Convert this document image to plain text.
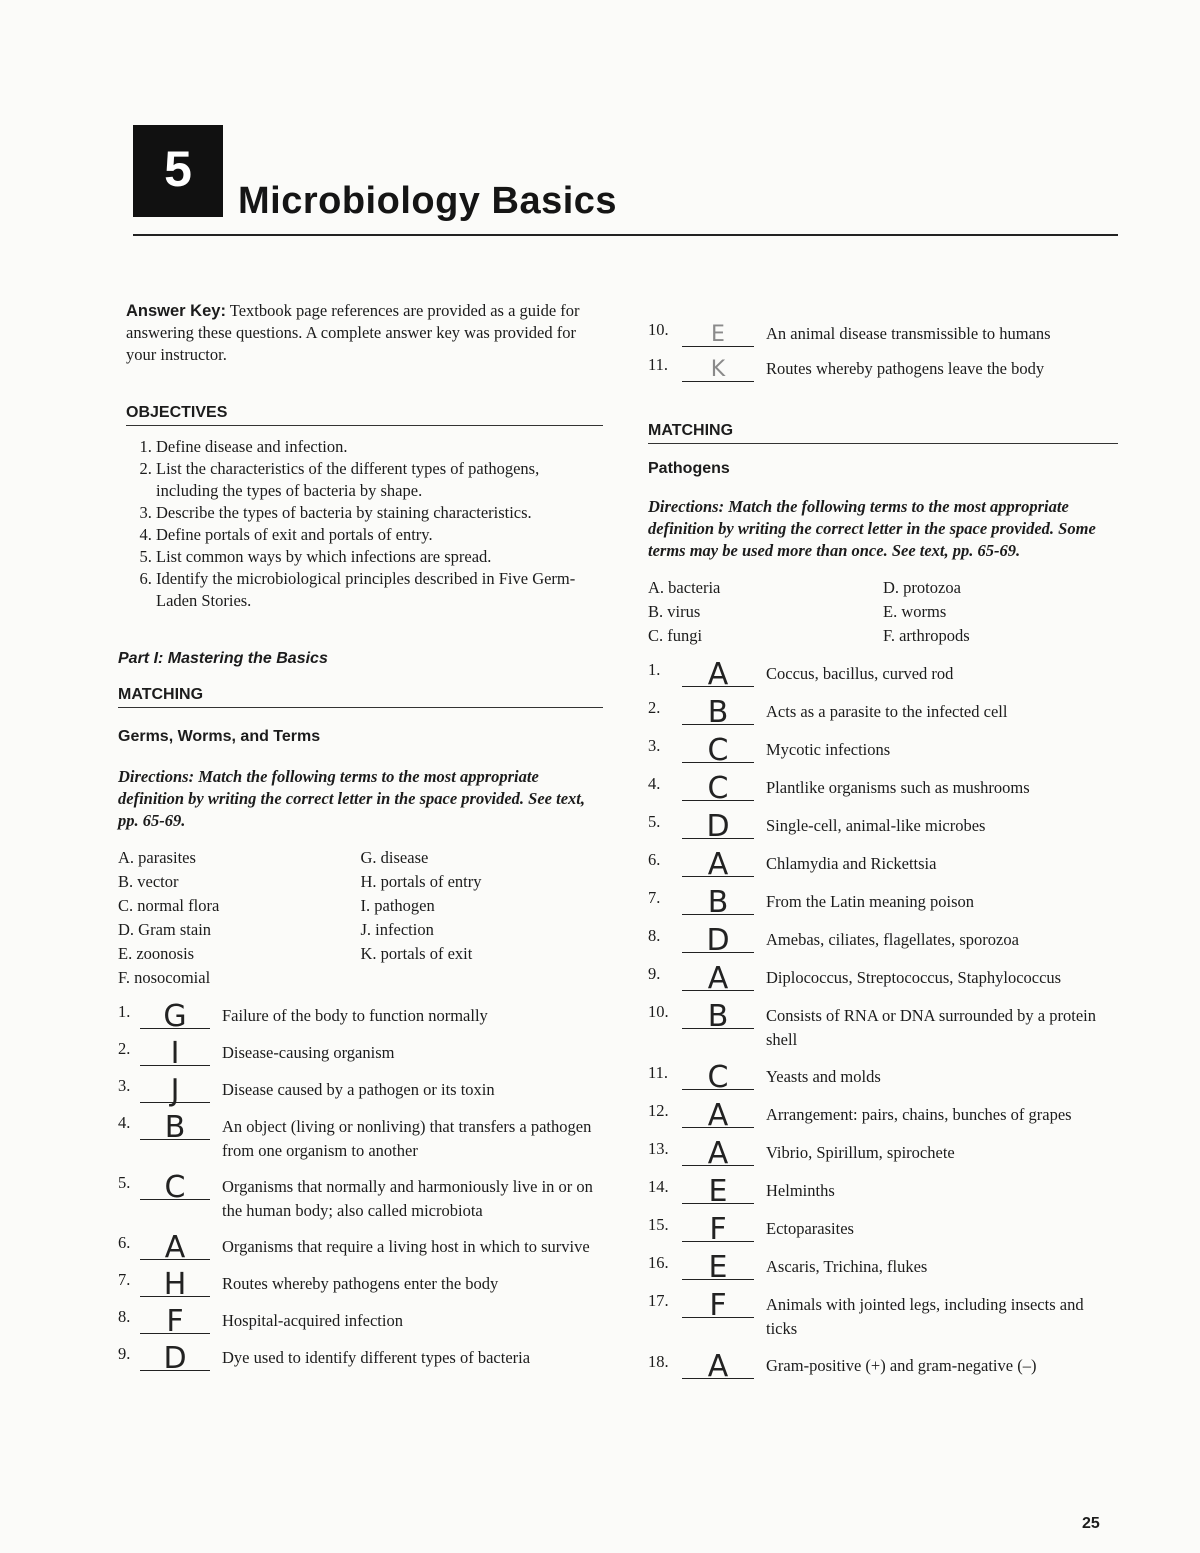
5
Microbiology Basics
Answer Key: Textbook page references are provided as a guide for answering these questions. A complete answer key was provided for your instructor.
OBJECTIVES
1. Define disease and infection.
2. List the characteristics of the different types of pathogens, including the types of bacteria by shape.
3. Describe the types of bacteria by staining characteristics.
4. Define portals of exit and portals of entry.
5. List common ways by which infections are spread.
6. Identify the microbiological principles described in Five Germ-Laden Stories.
Part I: Mastering the Basics
MATCHING
Germs, Worms, and Terms
Directions: Match the following terms to the most appropriate definition by writing the correct letter in the space provided. See text, pp. 65-69.
A. parasites
B. vector
C. normal flora
D. Gram stain
E. zoonosis
F. nosocomial
G. disease
H. portals of entry
I. pathogen
J. infection
K. portals of exit
1.	G	Failure of the body to function normally
2.	I	Disease-causing organism
3.	J	Disease caused by a pathogen or its toxin
4.	B	An object (living or nonliving) that transfers a pathogen from one organism to another
5.	C	Organisms that normally and harmoniously live in or on the human body; also called microbiota
6.	A	Organisms that require a living host in which to survive
7.	H	Routes whereby pathogens enter the body
8.	F	Hospital-acquired infection
9.	D	Dye used to identify different types of bacteria
10.	E	An animal disease transmissible to humans
11.	K	Routes whereby pathogens leave the body
MATCHING
Pathogens
Directions: Match the following terms to the most appropriate definition by writing the correct letter in the space provided. Some terms may be used more than once. See text, pp. 65-69.
A. bacteria
B. virus
C. fungi
D. protozoa
E. worms
F. arthropods
1.	A	Coccus, bacillus, curved rod
2.	B	Acts as a parasite to the infected cell
3.	C	Mycotic infections
4.	C	Plantlike organisms such as mushrooms
5.	D	Single-cell, animal-like microbes
6.	A	Chlamydia and Rickettsia
7.	B	From the Latin meaning poison
8.	D	Amebas, ciliates, flagellates, sporozoa
9.	A	Diplococcus, Streptococcus, Staphylococcus
10.	B	Consists of RNA or DNA surrounded by a protein shell
11.	C	Yeasts and molds
12.	A	Arrangement: pairs, chains, bunches of grapes
13.	A	Vibrio, Spirillum, spirochete
14.	E	Helminths
15.	F	Ectoparasites
16.	E	Ascaris, Trichina, flukes
17.	F	Animals with jointed legs, including insects and ticks
18.	A	Gram-positive (+) and gram-negative (–)
25
